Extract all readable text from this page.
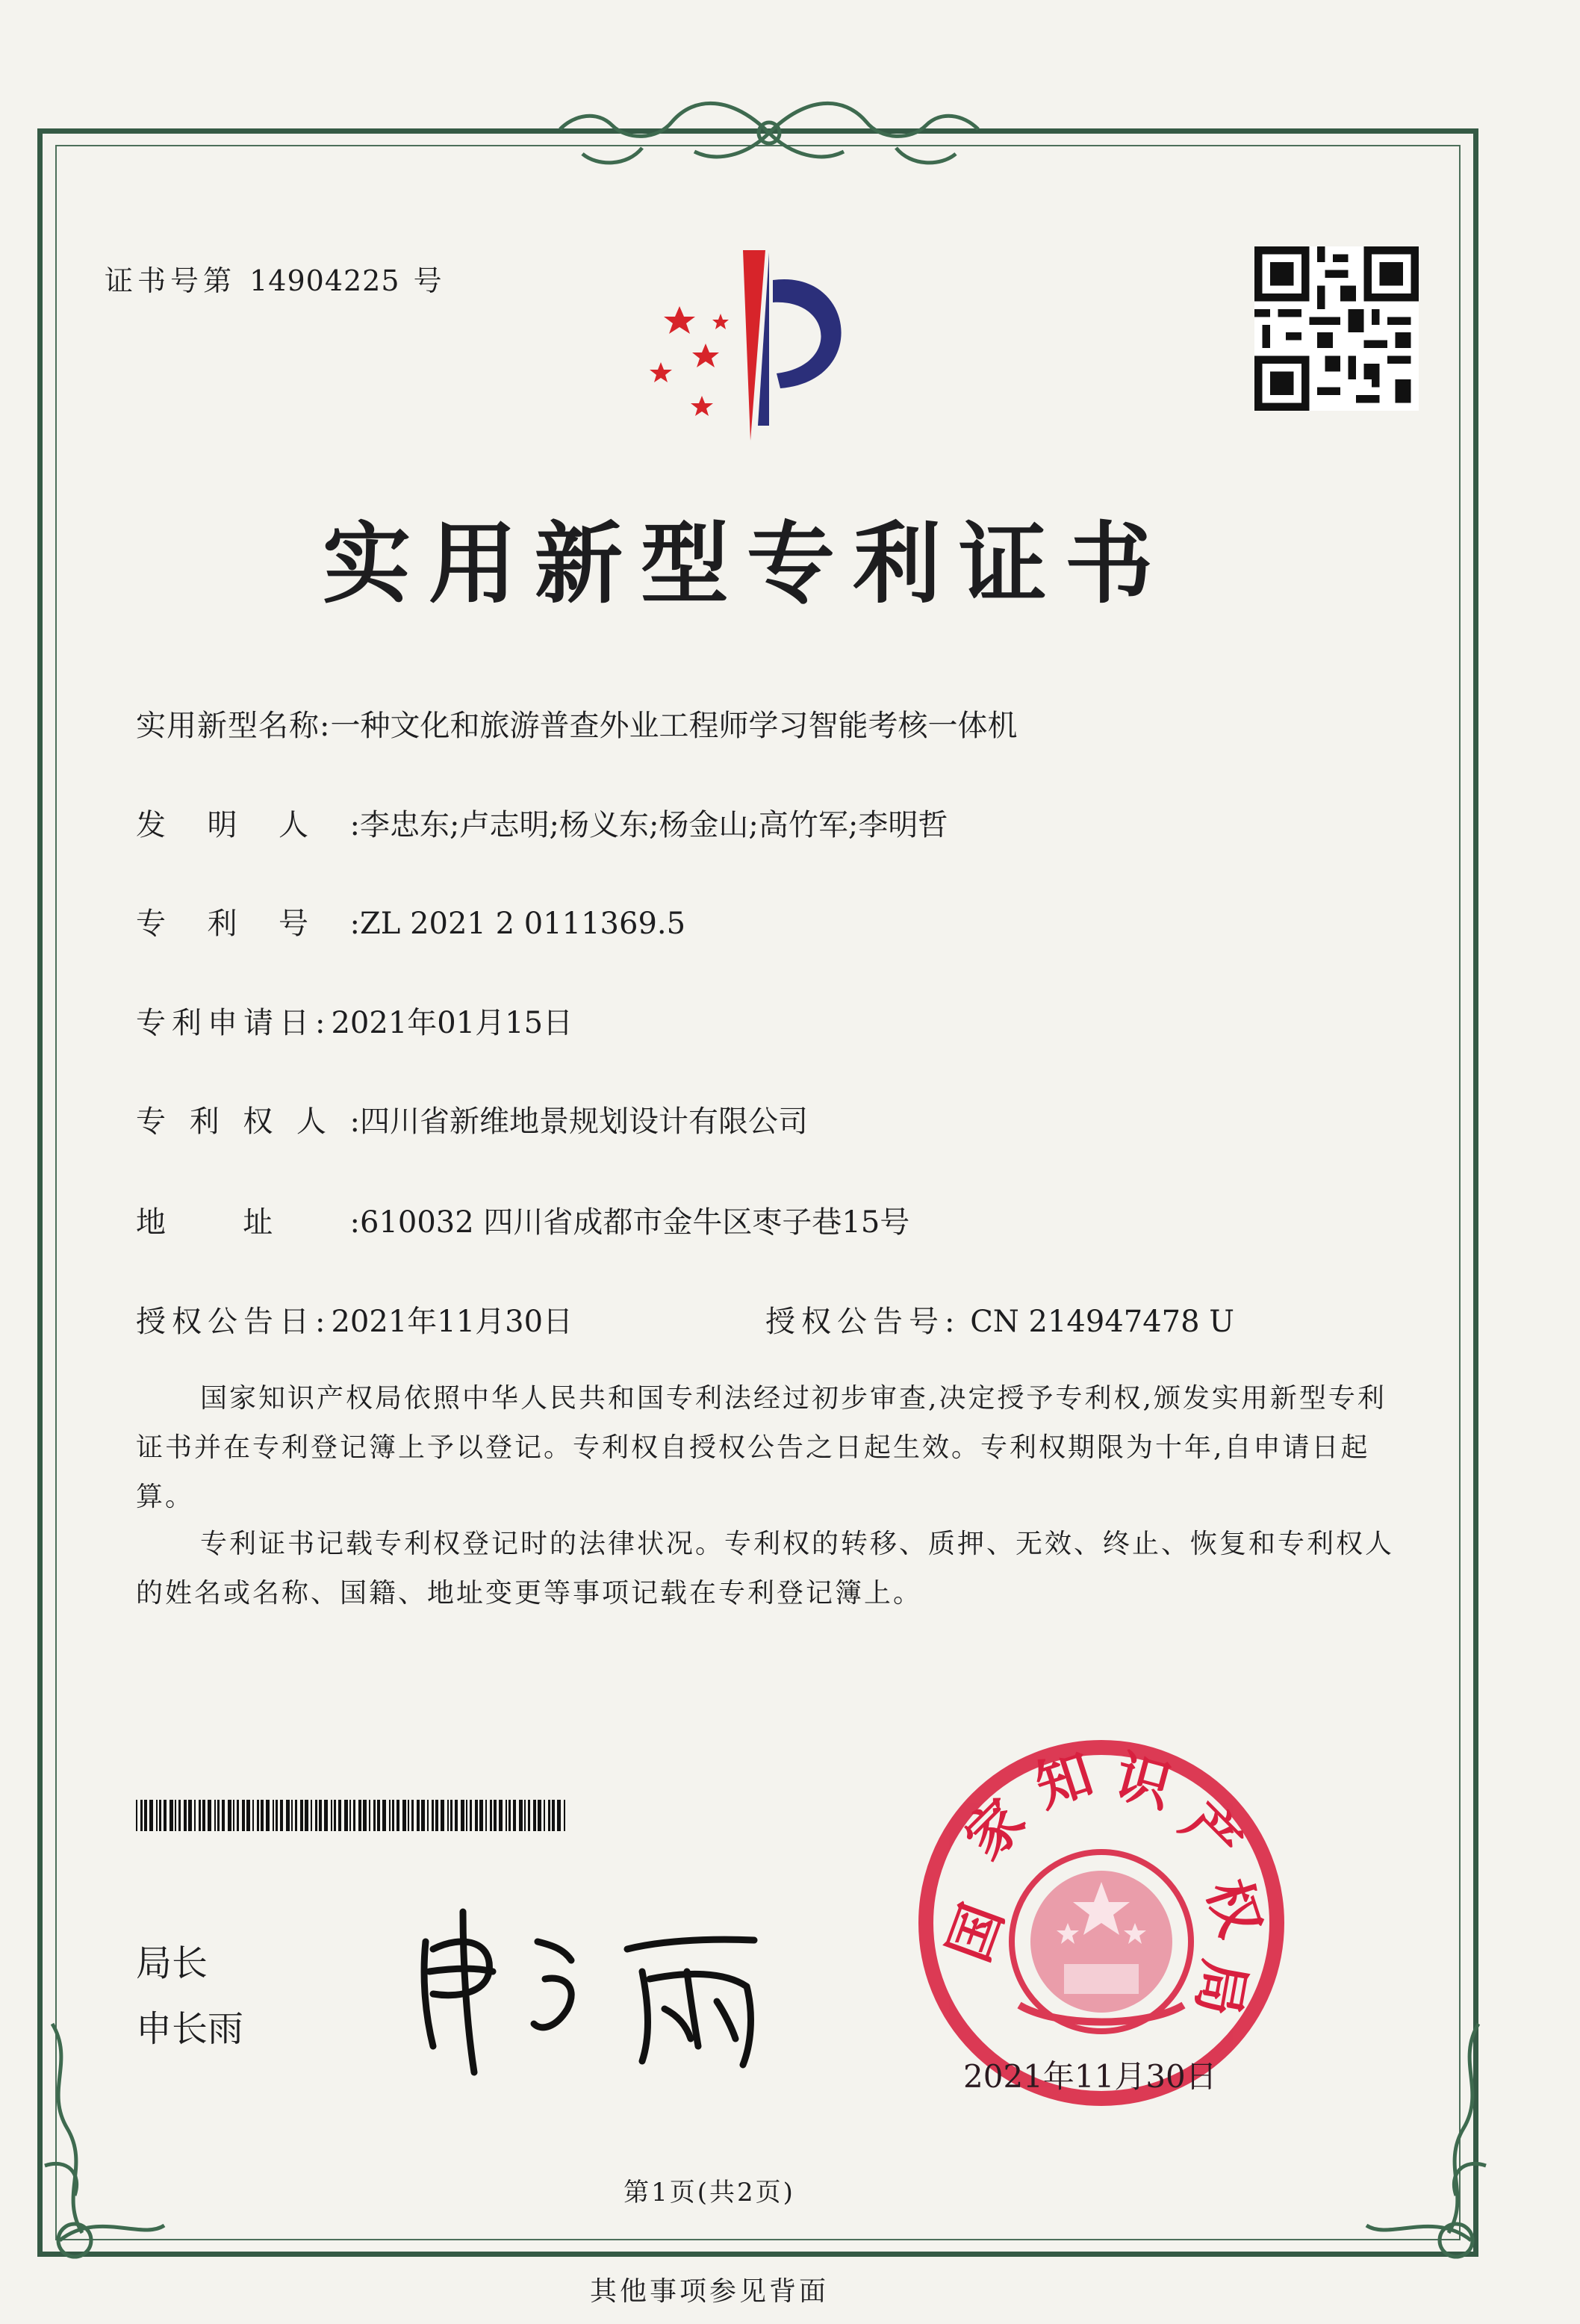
证书号第 14904225 号
实用新型专利证书
实用新型名称: 一种文化和旅游普查外业工程师学习智能考核一体机
发明人: 李忠东;卢志明;杨义东;杨金山;高竹军;李明哲
专利号: ZL 2021 2 0111369.5
专利申请日: 2021年01月15日
专利权人: 四川省新维地景规划设计有限公司
地址: 610032 四川省成都市金牛区枣子巷15号
授权公告日: 2021年11月30日	授权公告号: CN 214947478 U

国家知识产权局依照中华人民共和国专利法经过初步审查,决定授予专利权,颁发实用新型专利证书并在专利登记簿上予以登记。专利权自授权公告之日起生效。专利权期限为十年,自申请日起算。

专利证书记载专利权登记时的法律状况。专利权的转移、质押、无效、终止、恢复和专利权人的姓名或名称、国籍、地址变更等事项记载在专利登记簿上。

局长
申长雨
国
家
知 识
产
权
局
2021年11月30日
第1页(共2页)
其他事项参见背面
